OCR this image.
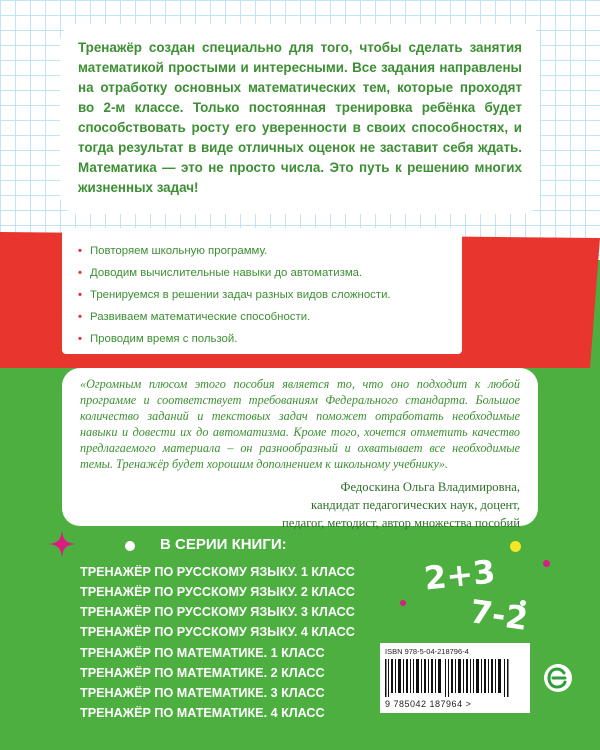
Тренажёр создан специально для того, чтобы сделать занятия математикой простыми и интересными. Все задания направлены на отработку основных математических тем, которые проходят во 2-м классе. Только постоянная тренировка ребёнка будет способствовать росту его уверенности в своих способностях, и тогда результат в виде отличных оценок не заставит себя ждать. Математика — это не просто числа. Это путь к решению многих жизненных задач!
• Повторяем школьную программу.
• Доводим вычислительные навыки до автоматизма.
• Тренируемся в решении задач разных видов сложности.
• Развиваем математические способности.
• Проводим время с пользой.

«Огромным плюсом этого пособия является то, что оно подходит к любой программе и соответствует требованиям Федерального стандарта. Большое количество заданий и текстовых задач поможет отработать необходимые навыки и довести их до автоматизма. Кроме того, хочется отметить качество предлагаемого материала – он разнообразный и охватывает все необходимые темы. Тренажёр будет хорошим дополнением к школьному учебнику».

Федоскина Ольга Владимировна,
кандидат педагогических наук, доцент,
педагог, методист, автор множества пособий
2+3
7-2
В СЕРИИ КНИГИ:
ТРЕНАЖЁР ПО РУССКОМУ ЯЗЫКУ. 1 КЛАСС
ТРЕНАЖЁР ПО РУССКОМУ ЯЗЫКУ. 2 КЛАСС
ТРЕНАЖЁР ПО РУССКОМУ ЯЗЫКУ. 3 КЛАСС
ТРЕНАЖЁР ПО РУССКОМУ ЯЗЫКУ. 4 КЛАСС
ТРЕНАЖЁР ПО МАТЕМАТИКЕ. 1 КЛАСС
ТРЕНАЖЁР ПО МАТЕМАТИКЕ. 2 КЛАСС
ТРЕНАЖЁР ПО МАТЕМАТИКЕ. 3 КЛАСС
ТРЕНАЖЁР ПО МАТЕМАТИКЕ. 4 КЛАСС
ISBN 978-5-04-218796-4
9 785042 187964 >
